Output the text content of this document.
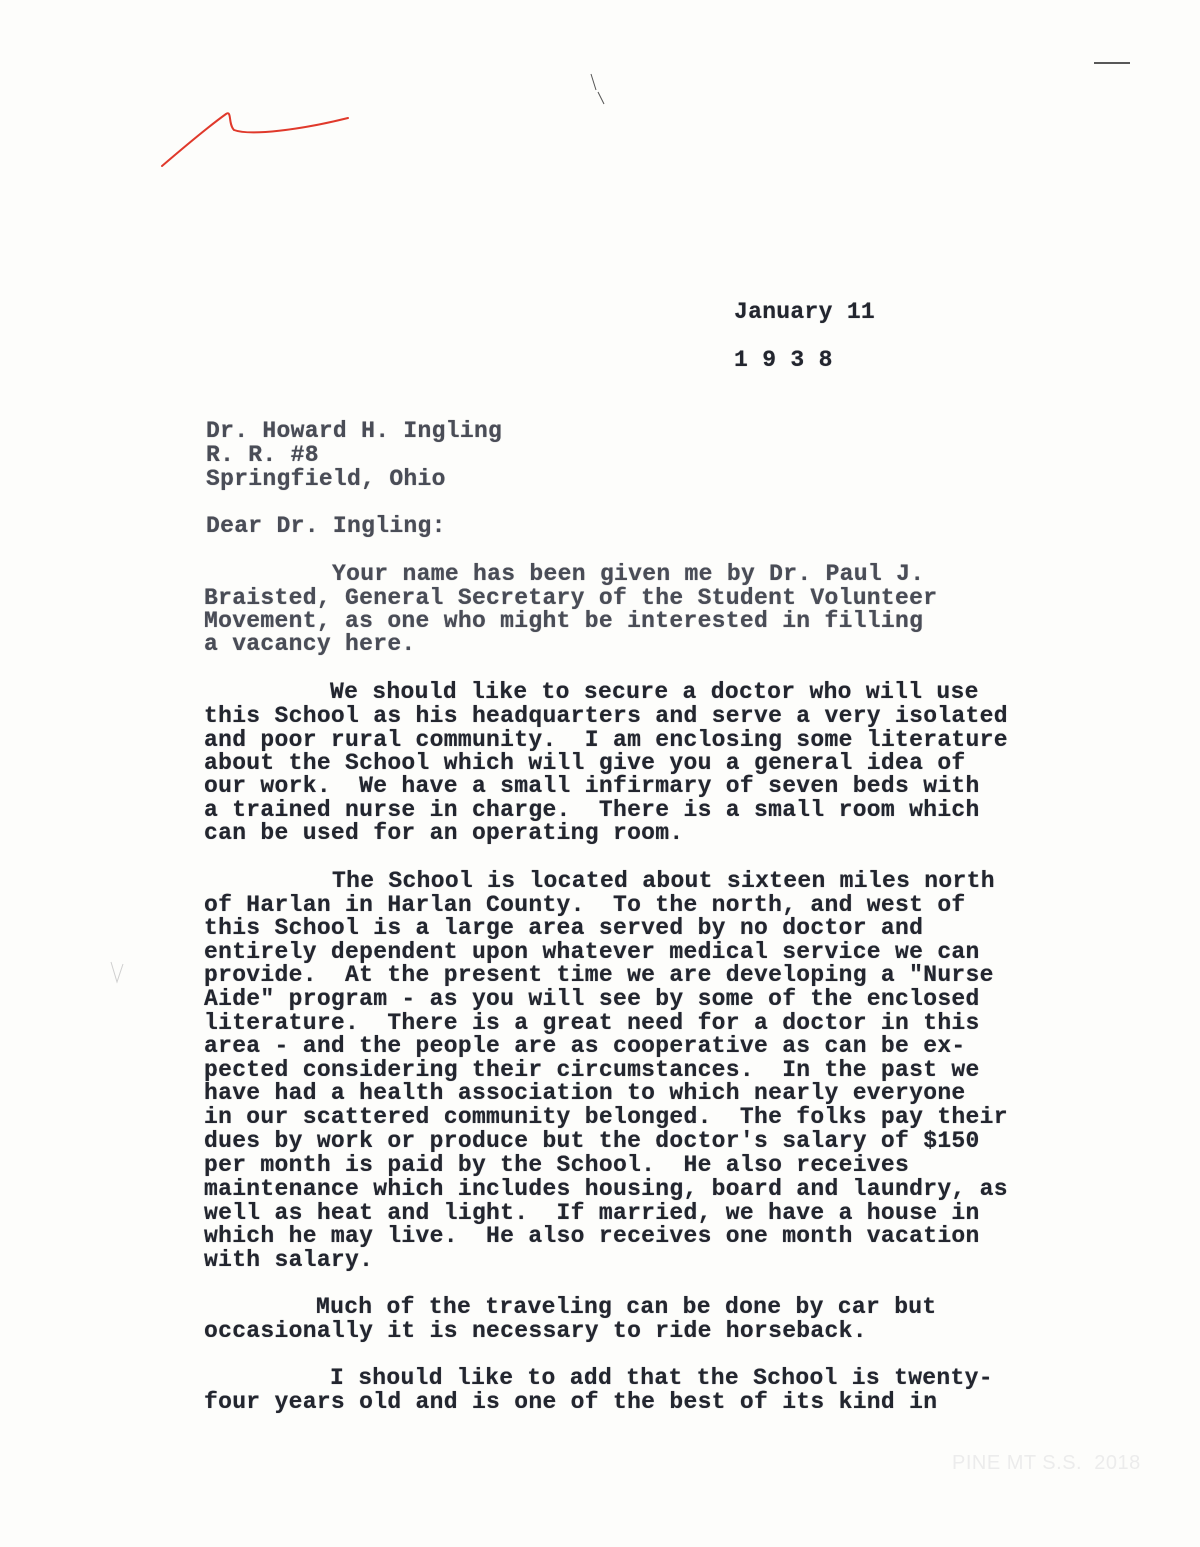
January 11
1 9 3 8
Dr. Howard H. Ingling
R. R. #8
Springfield, Ohio
Dear Dr. Ingling:
Your name has been given me by Dr. Paul J.
Braisted, General Secretary of the Student Volunteer
Movement, as one who might be interested in filling
a vacancy here.
We should like to secure a doctor who will use
this School as his headquarters and serve a very isolated
and poor rural community.  I am enclosing some literature
about the School which will give you a general idea of
our work.  We have a small infirmary of seven beds with
a trained nurse in charge.  There is a small room which
can be used for an operating room.
The School is located about sixteen miles north
of Harlan in Harlan County.  To the north, and west of
this School is a large area served by no doctor and
entirely dependent upon whatever medical service we can
provide.  At the present time we are developing a "Nurse
Aide" program - as you will see by some of the enclosed
literature.  There is a great need for a doctor in this
area - and the people are as cooperative as can be ex-
pected considering their circumstances.  In the past we
have had a health association to which nearly everyone
in our scattered community belonged.  The folks pay their
dues by work or produce but the doctor's salary of $150
per month is paid by the School.  He also receives
maintenance which includes housing, board and laundry, as
well as heat and light.  If married, we have a house in
which he may live.  He also receives one month vacation
with salary.
Much of the traveling can be done by car but
occasionally it is necessary to ride horseback.
I should like to add that the School is twenty-
four years old and is one of the best of its kind in
PINE MT S.S.  2018
